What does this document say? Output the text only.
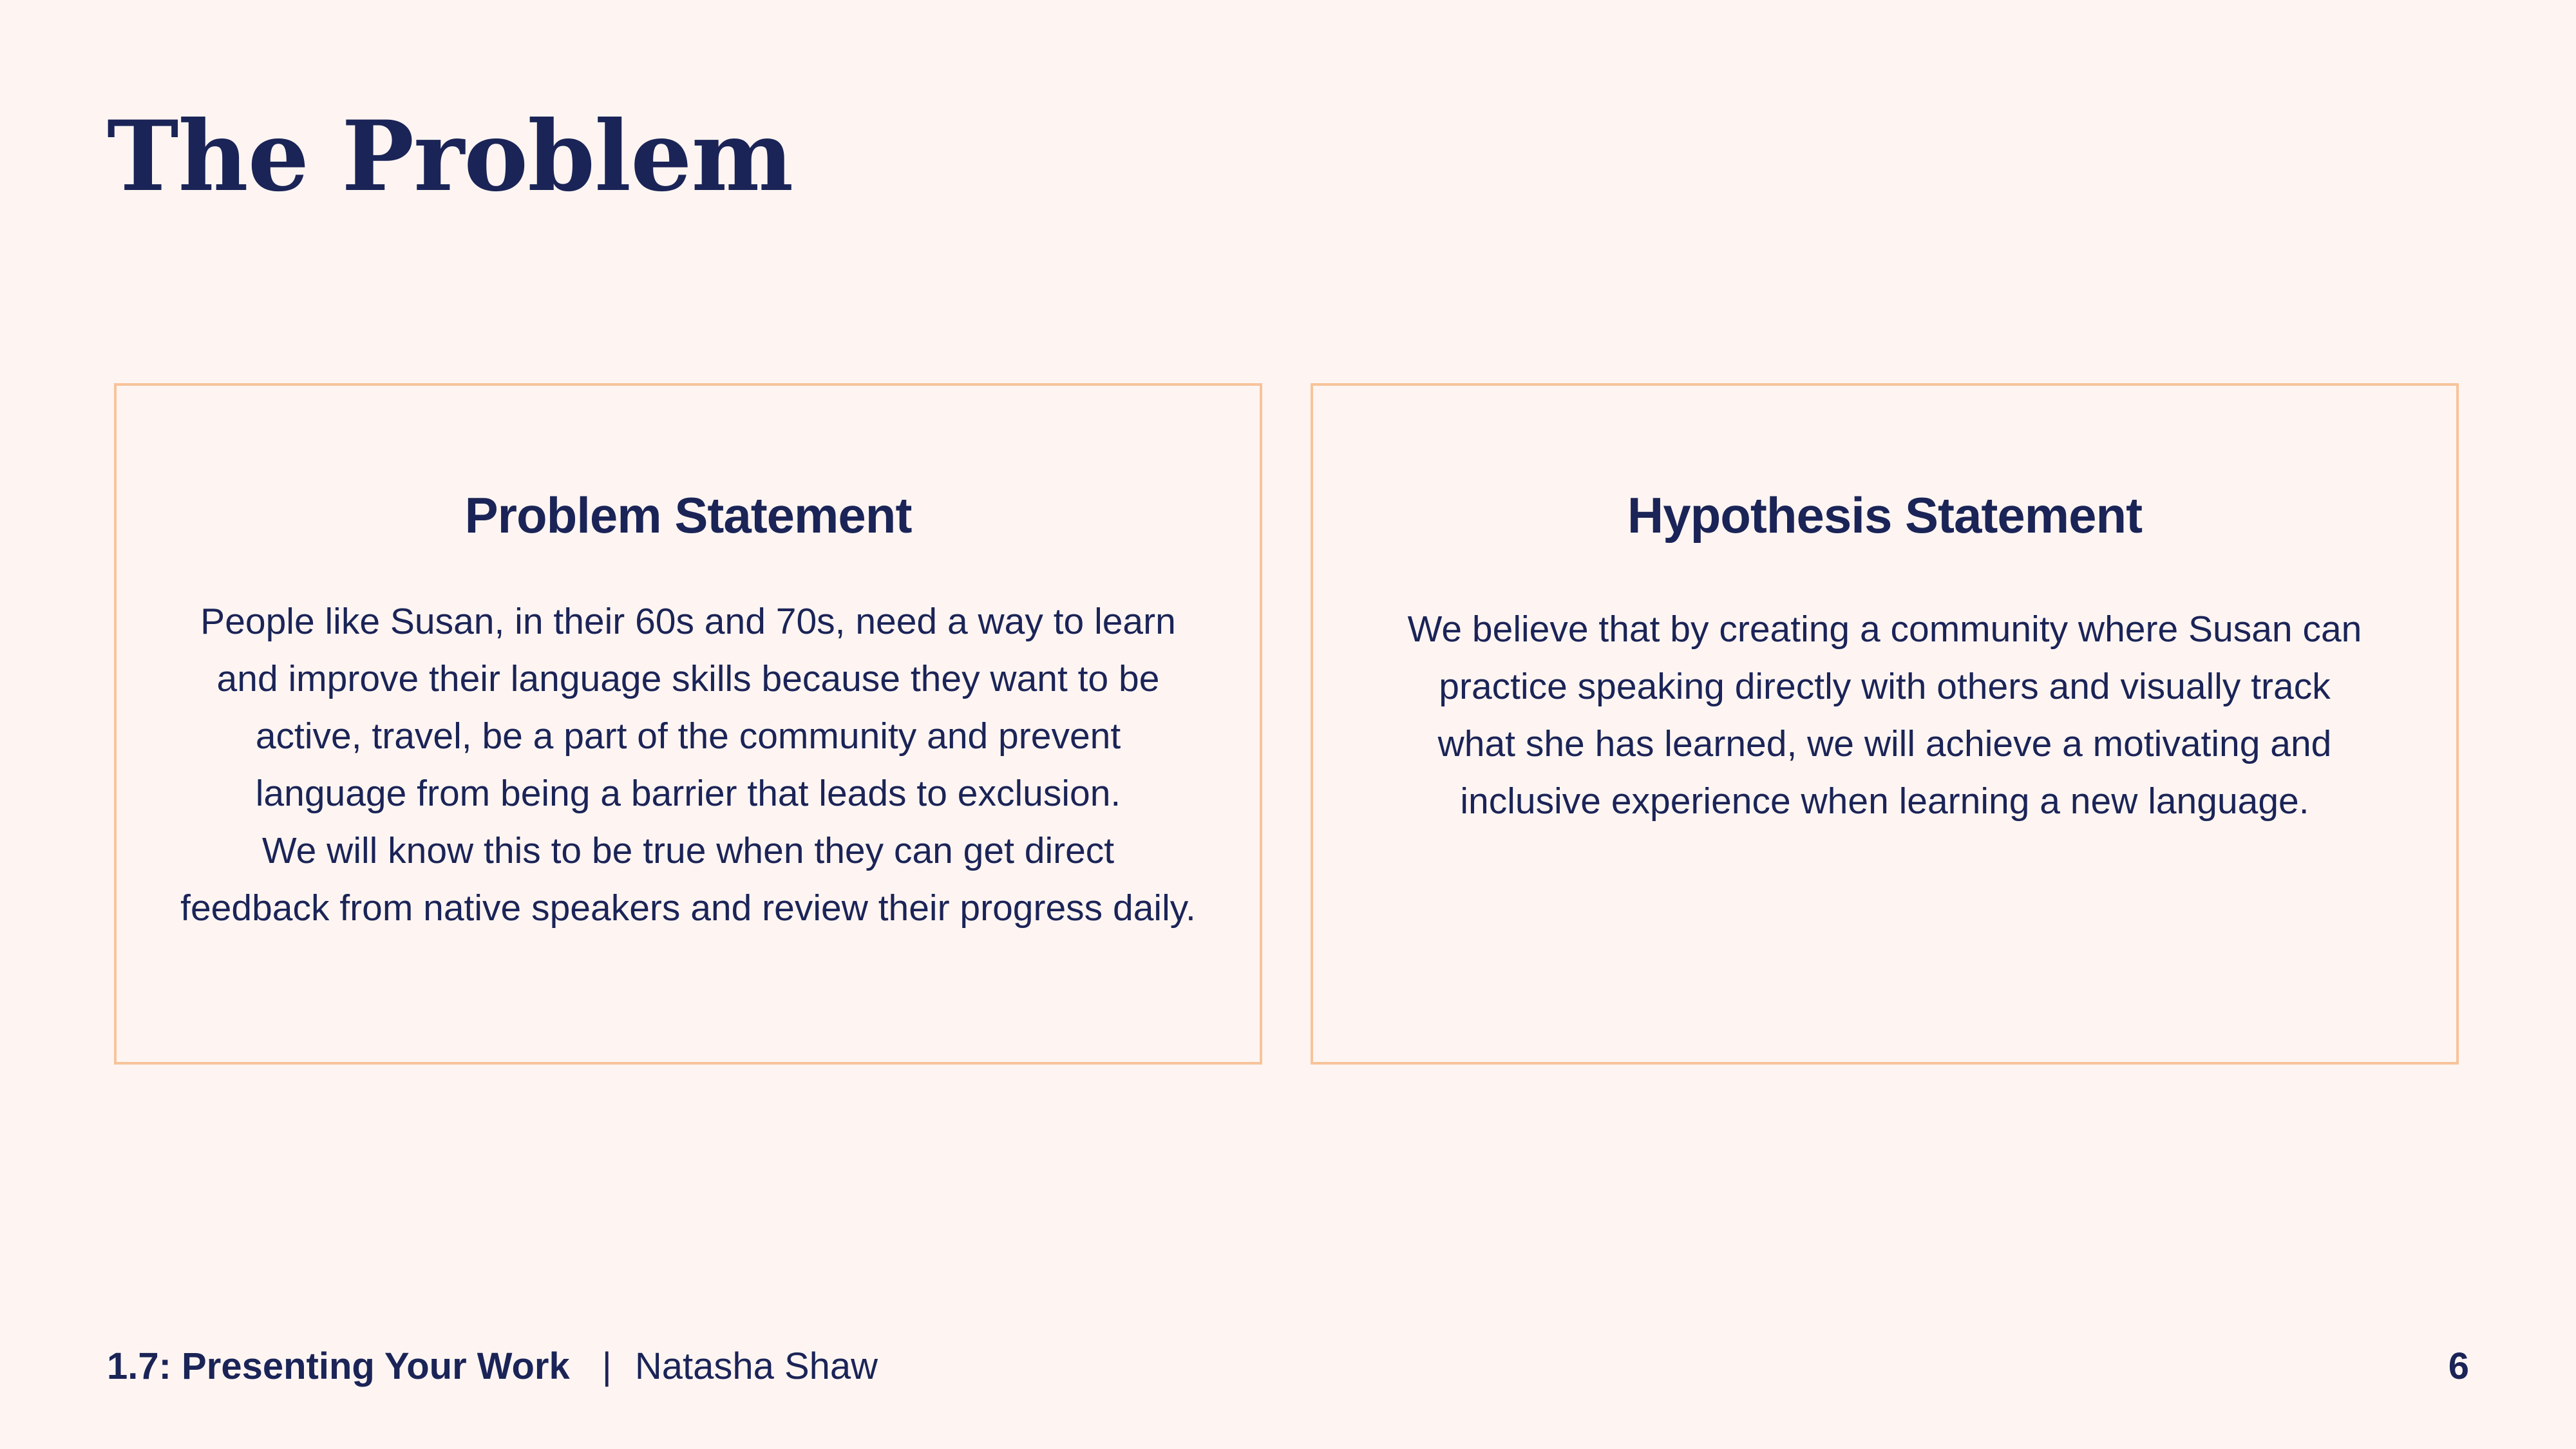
The Problem
Problem Statement

People like Susan, in their 60s and 70s, need a way to learn
and improve their language skills because they want to be
active, travel, be a part of the community and prevent
language from being a barrier that leads to exclusion.
We will know this to be true when they can get direct
feedback from native speakers and review their progress daily.

Hypothesis Statement

We believe that by creating a community where Susan can
practice speaking directly with others and visually track
what she has learned, we will achieve a motivating and
inclusive experience when learning a new language.

1.7: Presenting Your Work | Natasha Shaw	6
